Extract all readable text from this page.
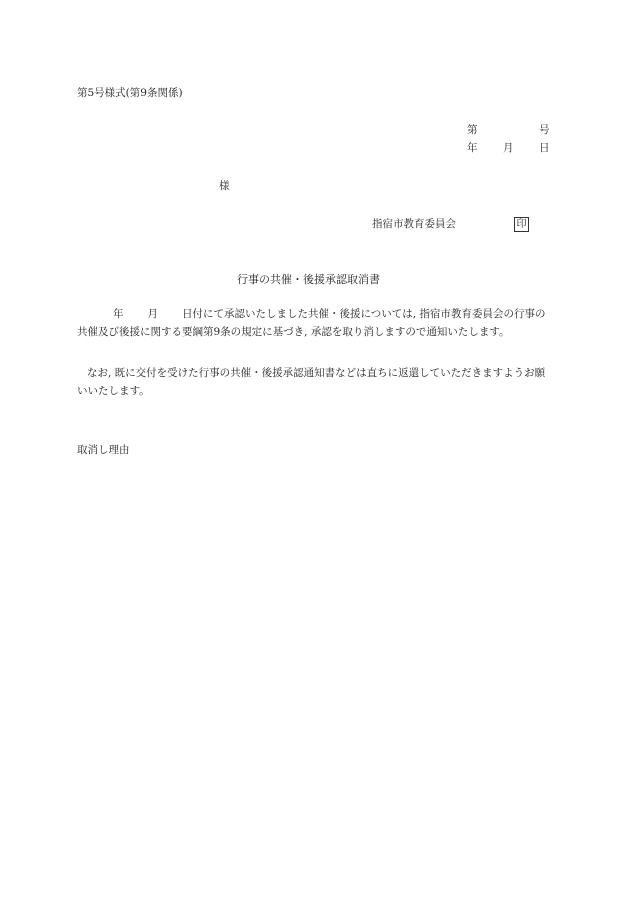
第5号様式(第9条関係)
第	号
年 月 日
様
指宿市教育委員会	印
行事の共催・後援承認取消書
年 月 日付にて承認いたしました共催・後援については, 指宿市教育委員会の行事の共催及び後援に関する要綱第9条の規定に基づき, 承認を取り消しますので通知いたします。
なお, 既に交付を受けた行事の共催・後援承認通知書などは直ちに返還していただきますようお願いいたします。
取消し理由
